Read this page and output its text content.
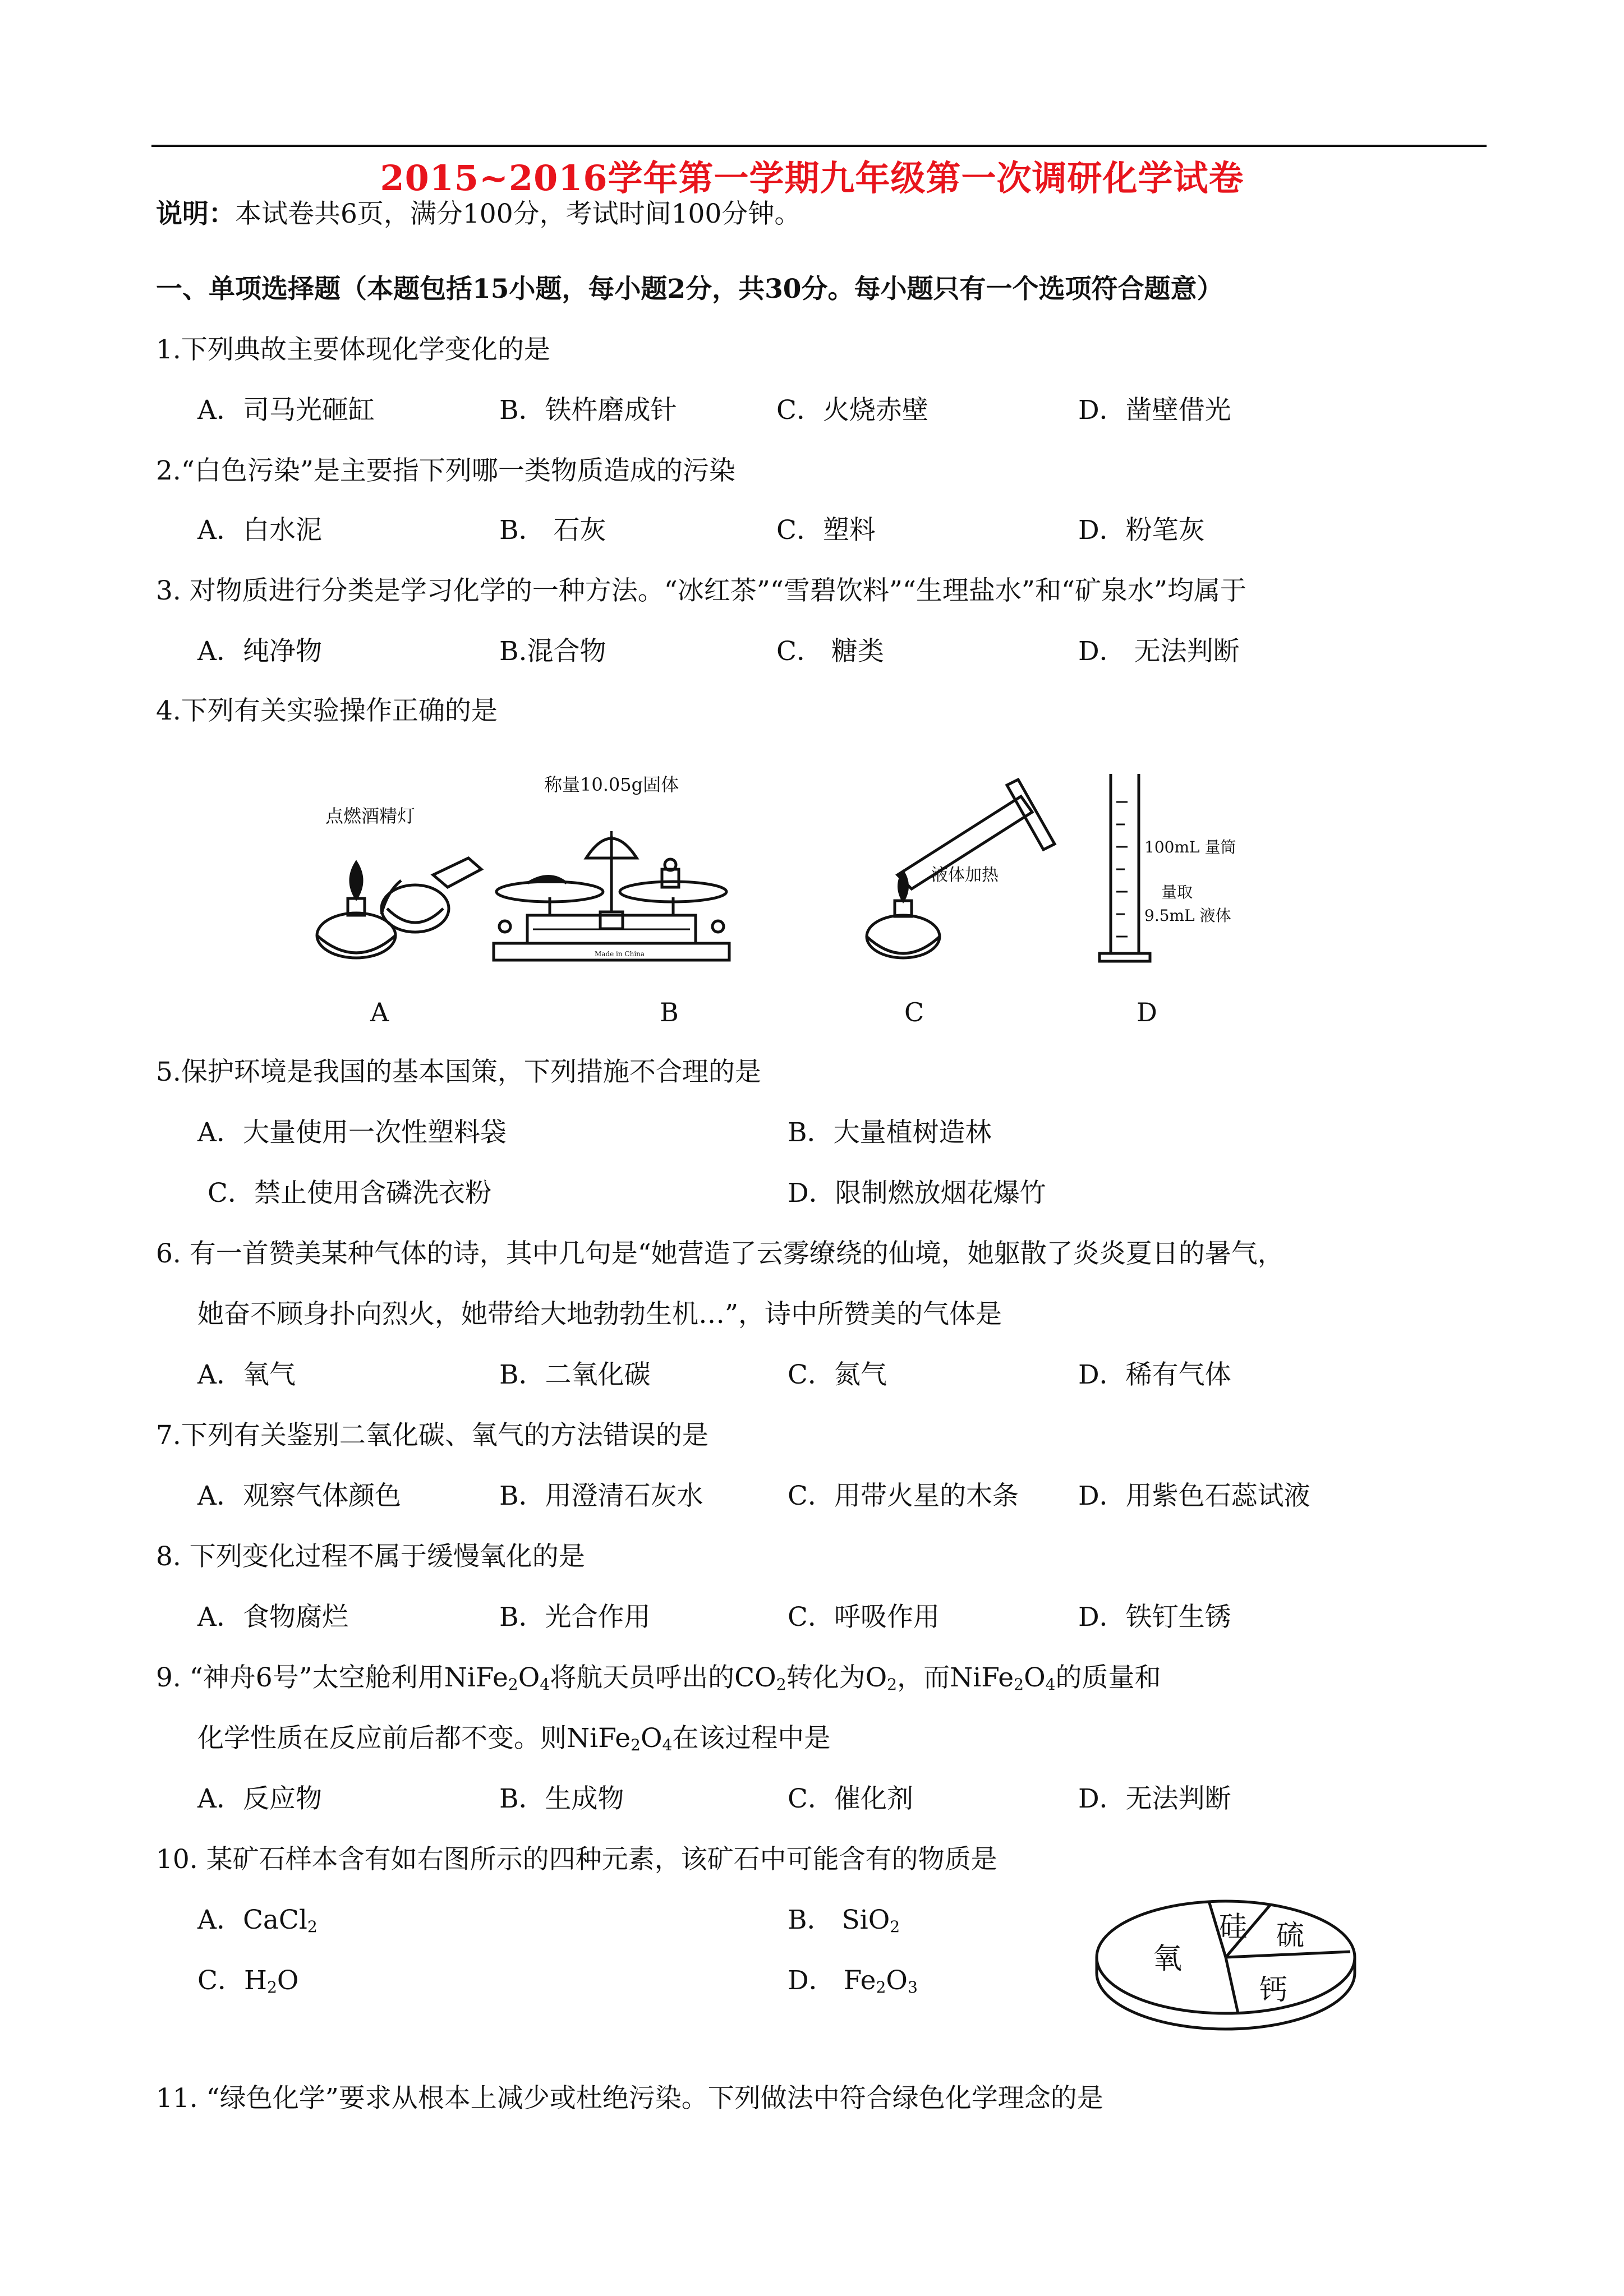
2015~2016学年第一学期九年级第一次调研化学试卷
说明：本试卷共6页，满分100分，考试时间100分钟。
一、单项选择题（本题包括15小题，每小题2分，共30分。每小题只有一个选项符合题意）
1.下列典故主要体现化学变化的是
A．司马光砸缸	B．铁杵磨成针	C．火烧赤壁	D．凿壁借光
2.“白色污染”是主要指下列哪一类物质造成的污染
A．白水泥	B． 石灰	C．塑料	D．粉笔灰
3. 对物质进行分类是学习化学的一种方法。“冰红茶”“雪碧饮料”“生理盐水”和“矿泉水”均属于
A．纯净物	B.混合物	C． 糖类	D． 无法判断
4.下列有关实验操作正确的是
点燃酒精灯
称量10.05g固体
Made in China
液体加热
100mL 量筒
量取
9.5mL 液体
A	B	C	D
5.保护环境是我国的基本国策，下列措施不合理的是
A．大量使用一次性塑料袋	B．大量植树造林
C．禁止使用含磷洗衣粉	D．限制燃放烟花爆竹
6. 有一首赞美某种气体的诗，其中几句是“她营造了云雾缭绕的仙境，她躯散了炎炎夏日的暑气，
她奋不顾身扑向烈火，她带给大地勃勃生机…”，诗中所赞美的气体是
A．氧气	B．二氧化碳	C．氮气	D．稀有气体
7.下列有关鉴别二氧化碳、氧气的方法错误的是
A．观察气体颜色	B．用澄清石灰水	C．用带火星的木条 D．用紫色石蕊试液
8. 下列变化过程不属于缓慢氧化的是
A．食物腐烂	B．光合作用	C．呼吸作用	D．铁钉生锈
9. “神舟6号”太空舱利用$NiFe_2O_4$将航天员呼出的$CO_2$转化为$O_2$，而$NiFe_2O_4$的质量和
化学性质在反应前后都不变。则$NiFe_2O_4$在该过程中是
A．反应物	B．生成物	C．催化剂	D．无法判断
10. 某矿石样本含有如右图所示的四种元素，该矿石中可能含有的物质是
A．CaCl$_2$	B． SiO$_2$
C．$H_2O$	D． $Fe_2O_3$
氧
硅 硫
钙
11. “绿色化学”要求从根本上减少或杜绝污染。下列做法中符合绿色化学理念的是
